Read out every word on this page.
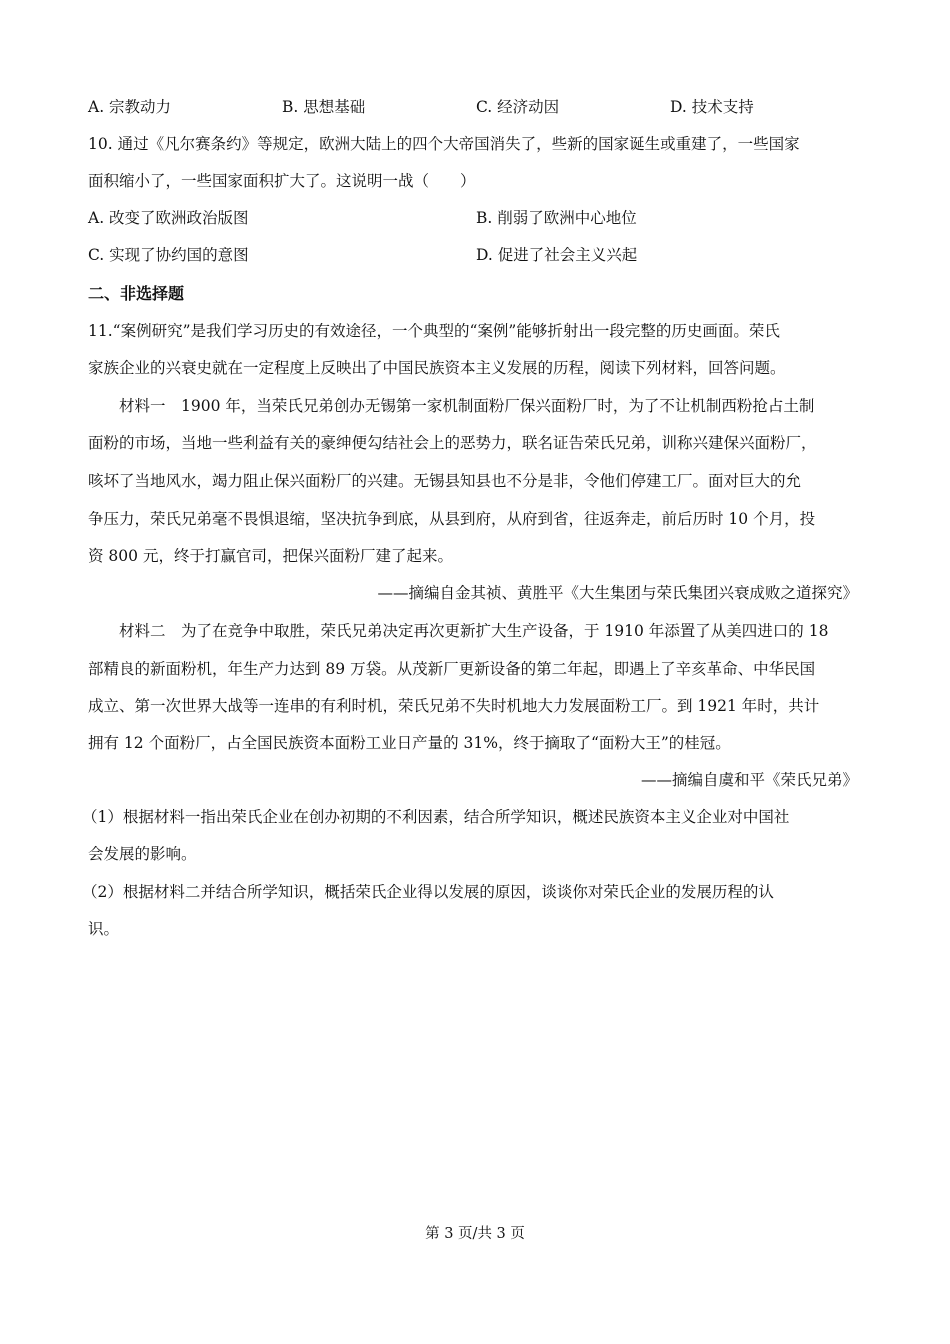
A. 宗教动力	B. 思想基础	C. 经济动因	D. 技术支持
10. 通过《凡尔赛条约》等规定，欧洲大陆上的四个大帝国消失了，些新的国家诞生或重建了，一些国家
面积缩小了，一些国家面积扩大了。这说明一战（　　）
A. 改变了欧洲政治版图	B. 削弱了欧洲中心地位
C. 实现了协约国的意图	D. 促进了社会主义兴起
二、非选择题
11.“案例研究”是我们学习历史的有效途径，一个典型的“案例”能够折射出一段完整的历史画面。荣氏
家族企业的兴衰史就在一定程度上反映出了中国民族资本主义发展的历程，阅读下列材料，回答问题。
材料一　1900 年，当荣氏兄弟创办无锡第一家机制面粉厂保兴面粉厂时，为了不让机制西粉抢占土制
面粉的市场，当地一些利益有关的豪绅便勾结社会上的恶势力，联名证告荣氏兄弟，训称兴建保兴面粉厂，
咳坏了当地风水，竭力阻止保兴面粉厂的兴建。无锡县知县也不分是非，令他们停建工厂。面对巨大的允
争压力，荣氏兄弟毫不畏惧退缩，坚决抗争到底，从县到府，从府到省，往返奔走，前后历时 10 个月，投
资 800 元，终于打赢官司，把保兴面粉厂建了起来。
——摘编自金其祯、黄胜平《大生集团与荣氏集团兴衰成败之道探究》
材料二　为了在竞争中取胜，荣氏兄弟决定再次更新扩大生产设备，于 1910 年添置了从美四进口的 18
部精良的新面粉机，年生产力达到 89 万袋。从茂新厂更新设备的第二年起，即遇上了辛亥革命、中华民国
成立、第一次世界大战等一连串的有利时机，荣氏兄弟不失时机地大力发展面粉工厂。到 1921 年时，共计
拥有 12 个面粉厂，占全国民族资本面粉工业日产量的 31%，终于摘取了“面粉大王”的桂冠。
——摘编自虞和平《荣氏兄弟》
（1）根据材料一指出荣氏企业在创办初期的不利因素，结合所学知识，概述民族资本主义企业对中国社
会发展的影响。
（2）根据材料二并结合所学知识，概括荣氏企业得以发展的原因，谈谈你对荣氏企业的发展历程的认
识。
第 3 页/共 3 页
